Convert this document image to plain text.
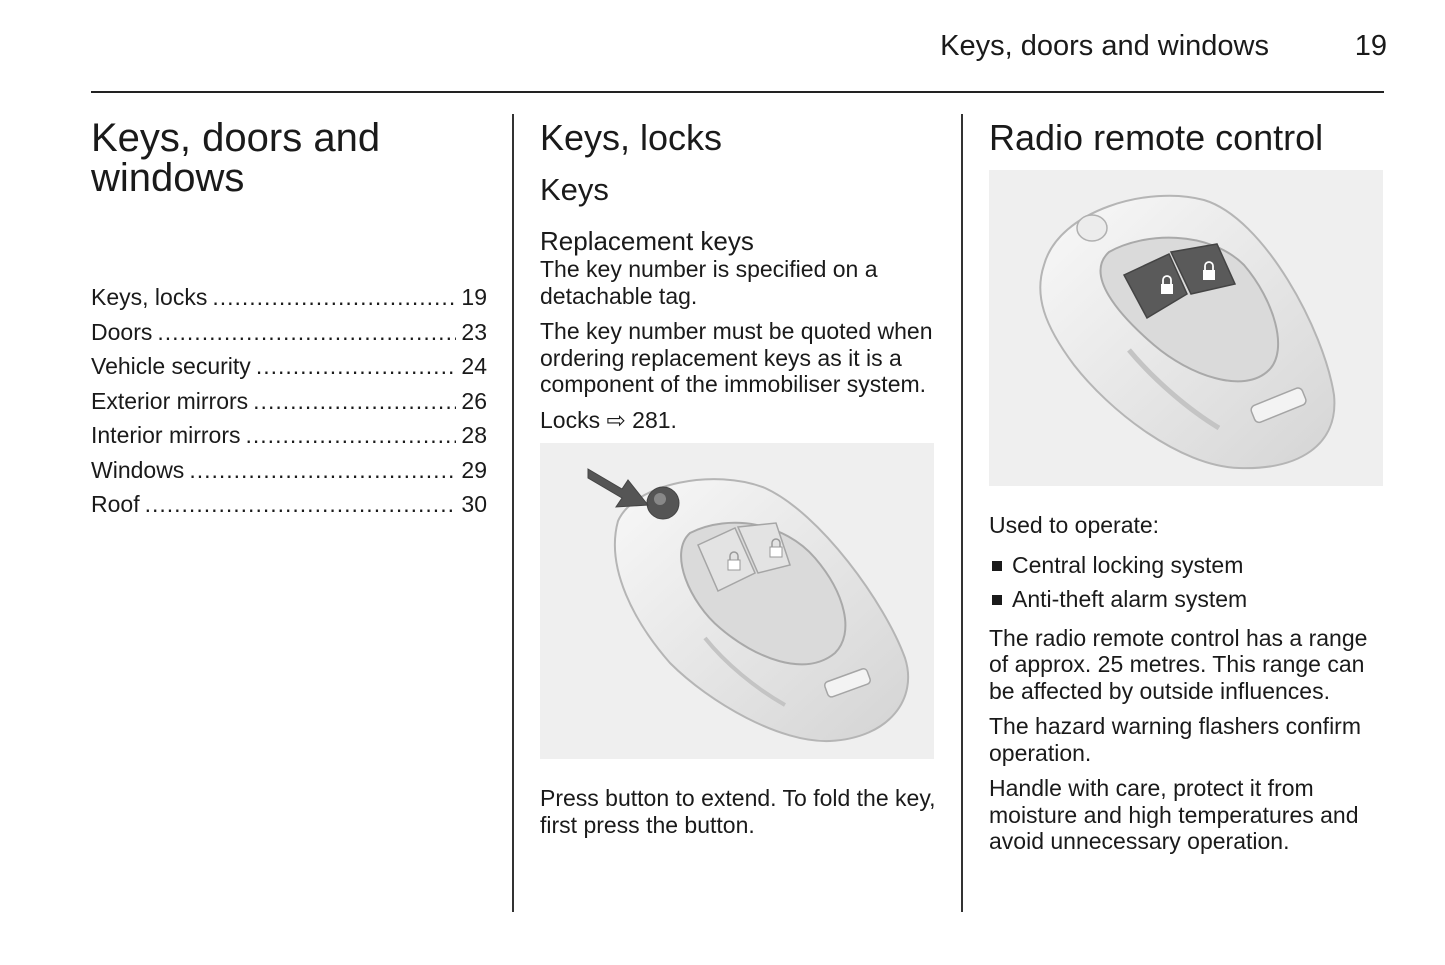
Keys, doors and windows	19
Keys, doors and windows
Keys, locks .....	19
Doors .....	23
Vehicle security .....	24
Exterior mirrors .....	26
Interior mirrors .....	28
Windows .....	29
Roof .....	30
Keys, locks
Keys
Replacement keys

The key number is specified on a detachable tag.

The key number must be quoted when ordering replacement keys as it is a component of the immobiliser system.

Locks ⇨ 281.

Press button to extend. To fold the key, first press the button.

Radio remote control

Used to operate:

Central locking system
Anti-theft alarm system

The radio remote control has a range of approx. 25 metres. This range can be affected by outside influences.

The hazard warning flashers confirm operation.

Handle with care, protect it from moisture and high temperatures and avoid unnecessary operation.
